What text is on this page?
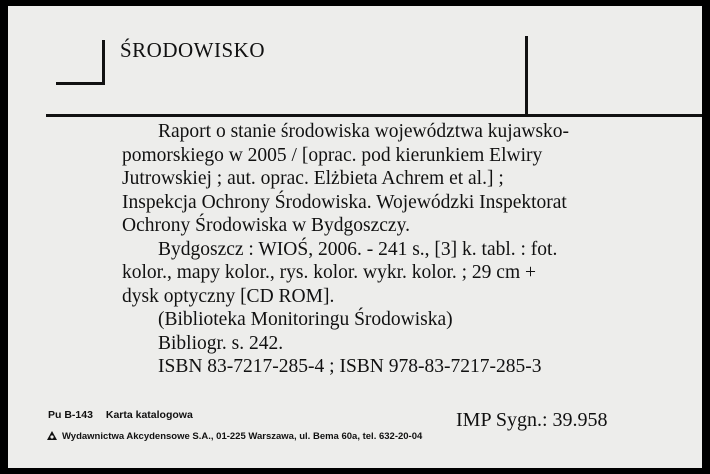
ŚRODOWISKO

Raport o stanie środowiska województwa kujawsko-

pomorskiego w 2005 / [oprac. pod kierunkiem Elwiry

Jutrowskiej ; aut. oprac. Elżbieta Achrem et al.] ;

Inspekcja Ochrony Środowiska. Wojewódzki Inspektorat

Ochrony Środowiska w Bydgoszczy.

Bydgoszcz : WIOŚ, 2006. - 241 s., [3] k. tabl. : fot.

kolor., mapy kolor., rys. kolor. wykr. kolor. ; 29 cm +

dysk optyczny [CD ROM].

(Biblioteka Monitoringu Środowiska)

Bibliogr. s. 242.

ISBN 83-7217-285-4 ; ISBN 978-83-7217-285-3

Pu B-143 Karta katalogowa	IMP Sygn.: 39.958
Wydawnictwa Akcydensowe S.A., 01-225 Warszawa, ul. Bema 60a, tel. 632-20-04
